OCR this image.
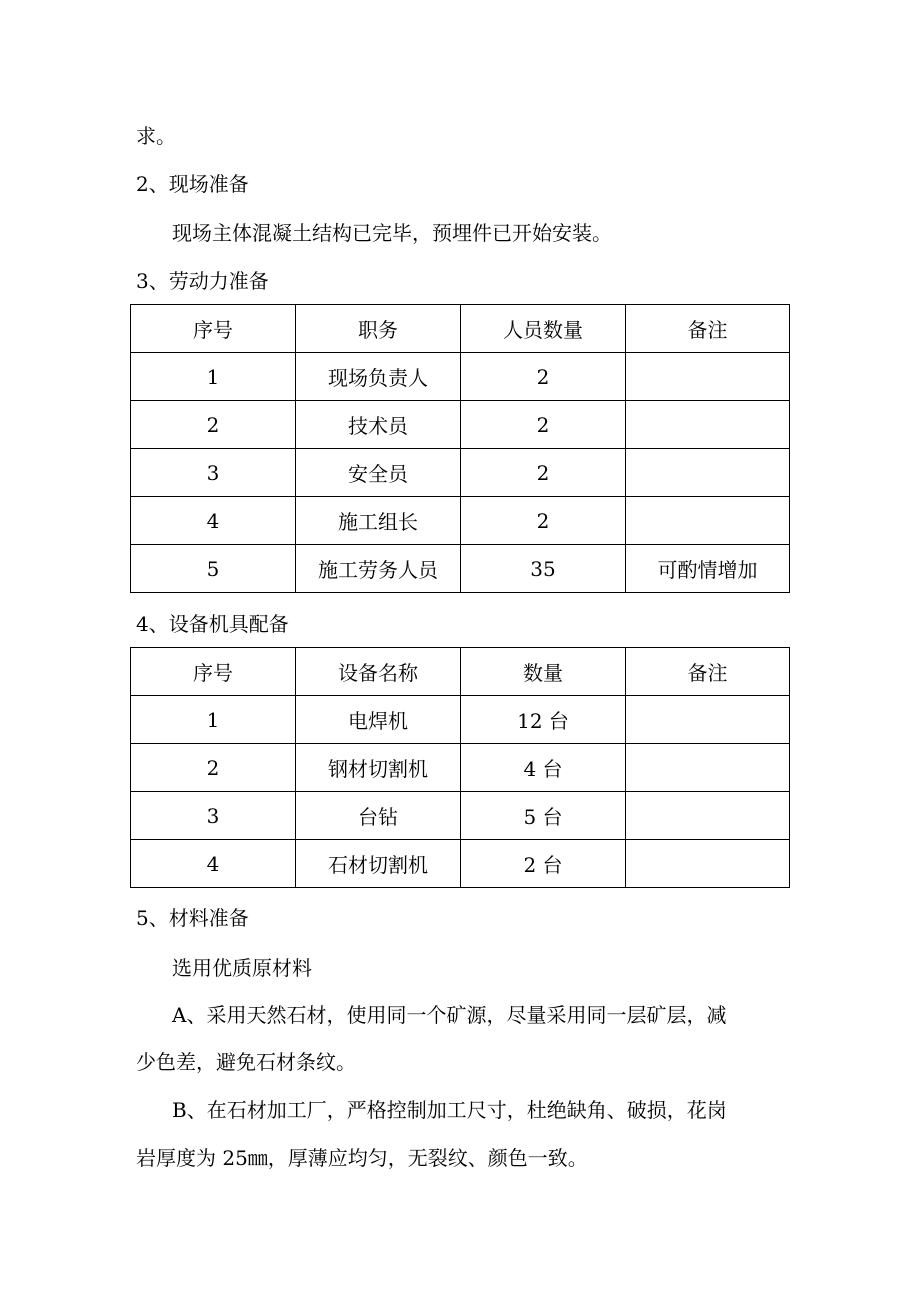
求。
2、现场准备
现场主体混凝土结构已完毕，预埋件已开始安装。
3、劳动力准备
序号	职务	人员数量	备注
1	现场负责人	2	
2	技术员	2	
3	安全员	2	
4	施工组长	2	
5	施工劳务人员	35	可酌情增加
4、设备机具配备
序号	设备名称	数量	备注
1	电焊机	12 台	
2	钢材切割机	4 台	
3	台钻	5 台	
4	石材切割机	2 台	
5、材料准备
选用优质原材料
A、采用天然石材，使用同一个矿源，尽量采用同一层矿层，减
少色差，避免石材条纹。
B、在石材加工厂，严格控制加工尺寸，杜绝缺角、破损，花岗
岩厚度为 25㎜，厚薄应均匀，无裂纹、颜色一致。
